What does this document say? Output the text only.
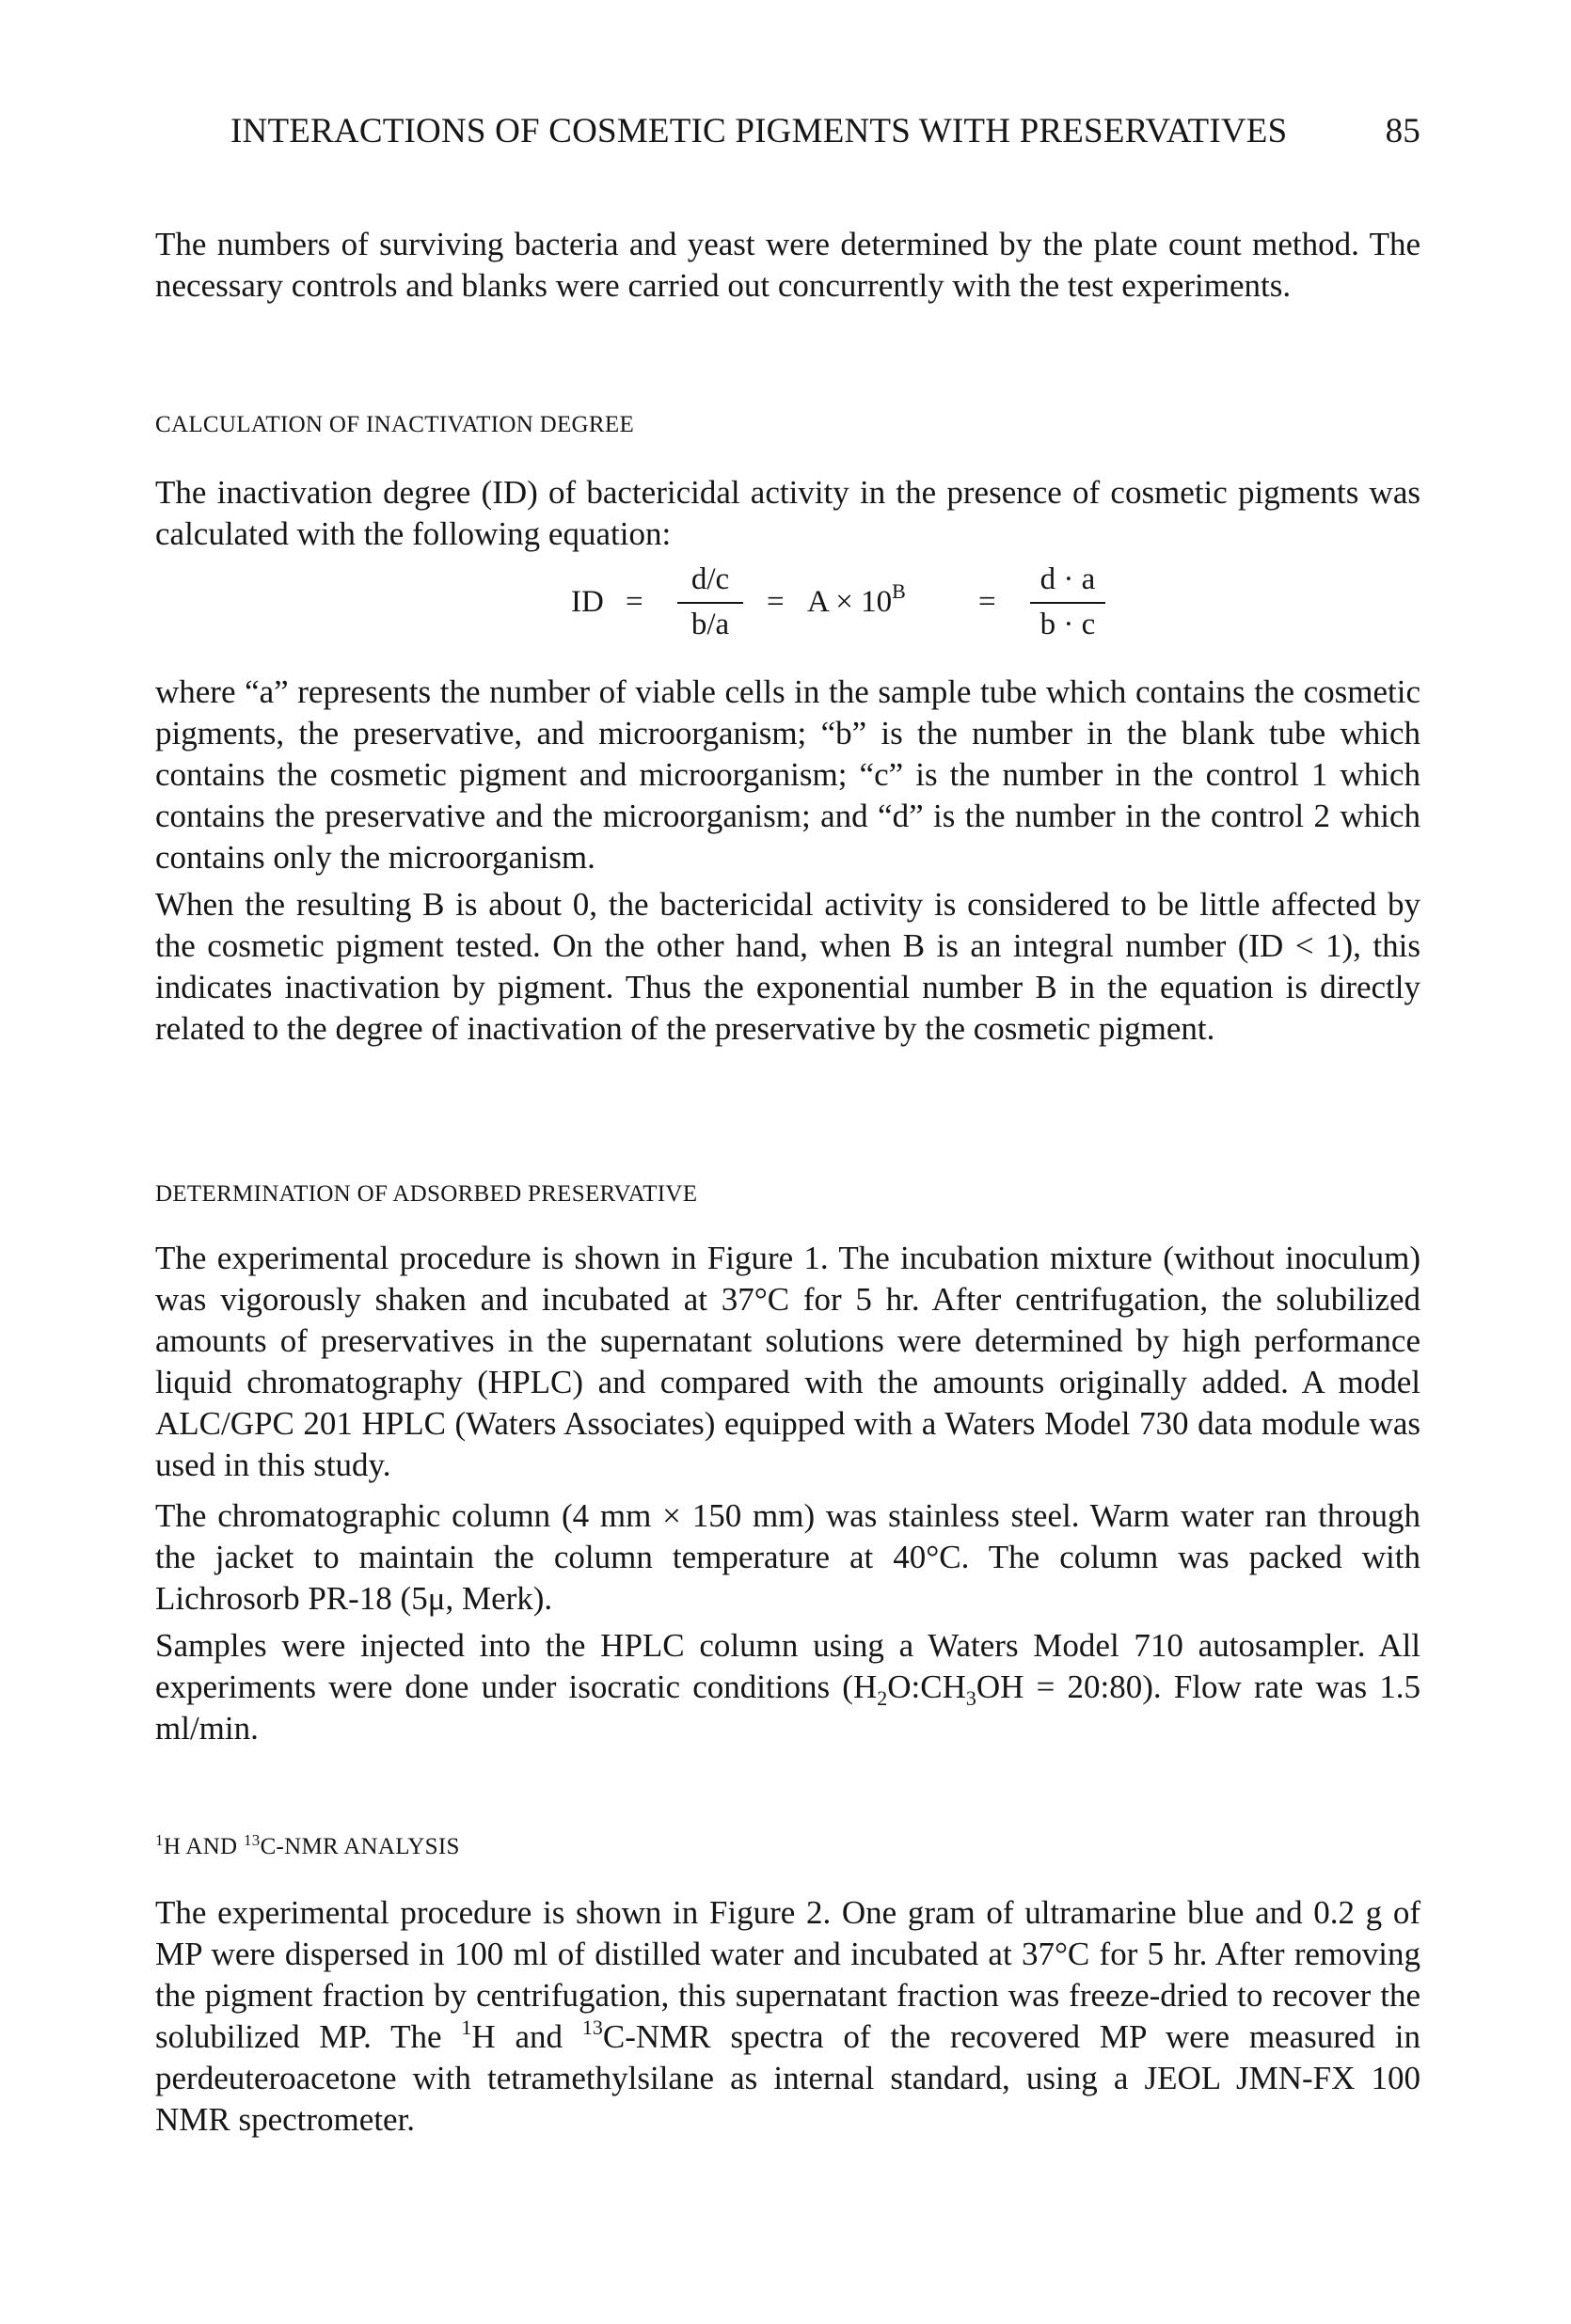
INTERACTIONS OF COSMETIC PIGMENTS WITH PRESERVATIVES	85

The numbers of surviving bacteria and yeast were determined by the plate count method. The necessary controls and blanks were carried out concurrently with the test experiments.

CALCULATION OF INACTIVATION DEGREE

The inactivation degree (ID) of bactericidal activity in the presence of cosmetic pigments was calculated with the following equation:

ID =
d/c
b/a
= $A \times 10^B$ =
d · a
b · c

where “a” represents the number of viable cells in the sample tube which contains the cosmetic pigments, the preservative, and microorganism; “b” is the number in the blank tube which contains the cosmetic pigment and microorganism; “c” is the number in the control 1 which contains the preservative and the microorganism; and “d” is the number in the control 2 which contains only the microorganism.

When the resulting B is about 0, the bactericidal activity is considered to be little affected by the cosmetic pigment tested. On the other hand, when B is an integral number (ID < 1), this indicates inactivation by pigment. Thus the exponential number B in the equation is directly related to the degree of inactivation of the preservative by the cosmetic pigment.

DETERMINATION OF ADSORBED PRESERVATIVE

The experimental procedure is shown in Figure 1. The incubation mixture (without inoculum) was vigorously shaken and incubated at 37°C for 5 hr. After centrifugation, the solubilized amounts of preservatives in the supernatant solutions were determined by high performance liquid chromatography (HPLC) and compared with the amounts originally added. A model ALC/GPC 201 HPLC (Waters Associates) equipped with a Waters Model 730 data module was used in this study.

The chromatographic column (4 mm × 150 mm) was stainless steel. Warm water ran through the jacket to maintain the column temperature at 40°C. The column was packed with Lichrosorb PR-18 (5μ, Merk).

Samples were injected into the HPLC column using a Waters Model 710 autosampler. All experiments were done under isocratic conditions ($H_2O:CH_3OH$ = 20:80). Flow rate was 1.5 ml/min.

$^1$H AND $^{13}$C-NMR ANALYSIS

The experimental procedure is shown in Figure 2. One gram of ultramarine blue and 0.2 g of MP were dispersed in 100 ml of distilled water and incubated at 37°C for 5 hr. After removing the pigment fraction by centrifugation, this supernatant fraction was freeze-dried to recover the solubilized MP. The $^1$H and $^{13}$C-NMR spectra of the recovered MP were measured in perdeuteroacetone with tetramethylsilane as internal standard, using a JEOL JMN-FX 100 NMR spectrometer.
